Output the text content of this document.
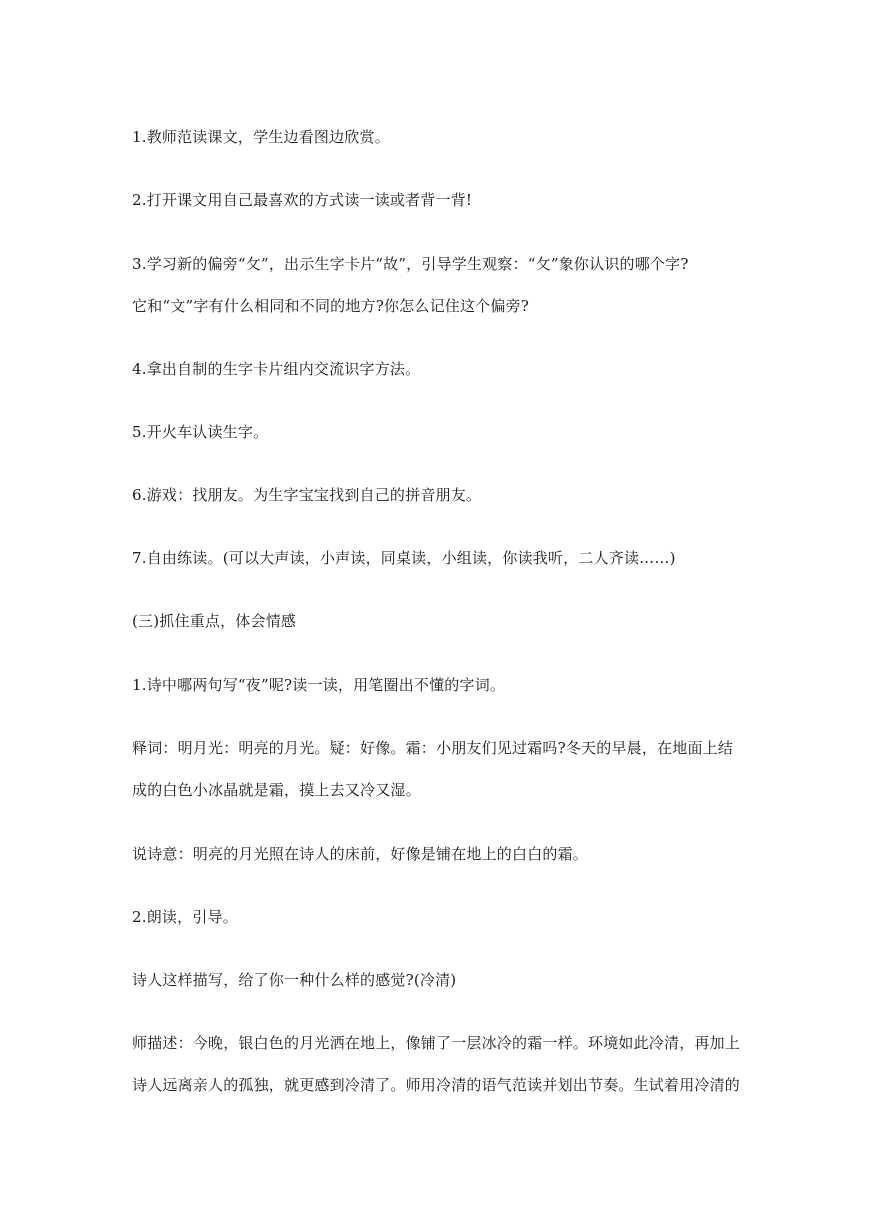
1.教师范读课文，学生边看图边欣赏。
2.打开课文用自己最喜欢的方式读一读或者背一背!
3.学习新的偏旁“攵”，出示生字卡片“故”，引导学生观察：“攵”象你认识的哪个字?
它和“文”字有什么相同和不同的地方?你怎么记住这个偏旁?
4.拿出自制的生字卡片组内交流识字方法。
5.开火车认读生字。
6.游戏：找朋友。为生字宝宝找到自己的拼音朋友。
7.自由练读。(可以大声读，小声读，同桌读，小组读，你读我听，二人齐读……)
(三)抓住重点，体会情感
1.诗中哪两句写“夜”呢?读一读，用笔圈出不懂的字词。
释词：明月光：明亮的月光。疑：好像。霜：小朋友们见过霜吗?冬天的早晨，在地面上结
成的白色小冰晶就是霜，摸上去又冷又湿。
说诗意：明亮的月光照在诗人的床前，好像是铺在地上的白白的霜。
2.朗读，引导。
诗人这样描写，给了你一种什么样的感觉?(冷清)
师描述：今晚，银白色的月光洒在地上，像铺了一层冰冷的霜一样。环境如此冷清，再加上
诗人远离亲人的孤独，就更感到冷清了。师用冷清的语气范读并划出节奏。生试着用冷清的
